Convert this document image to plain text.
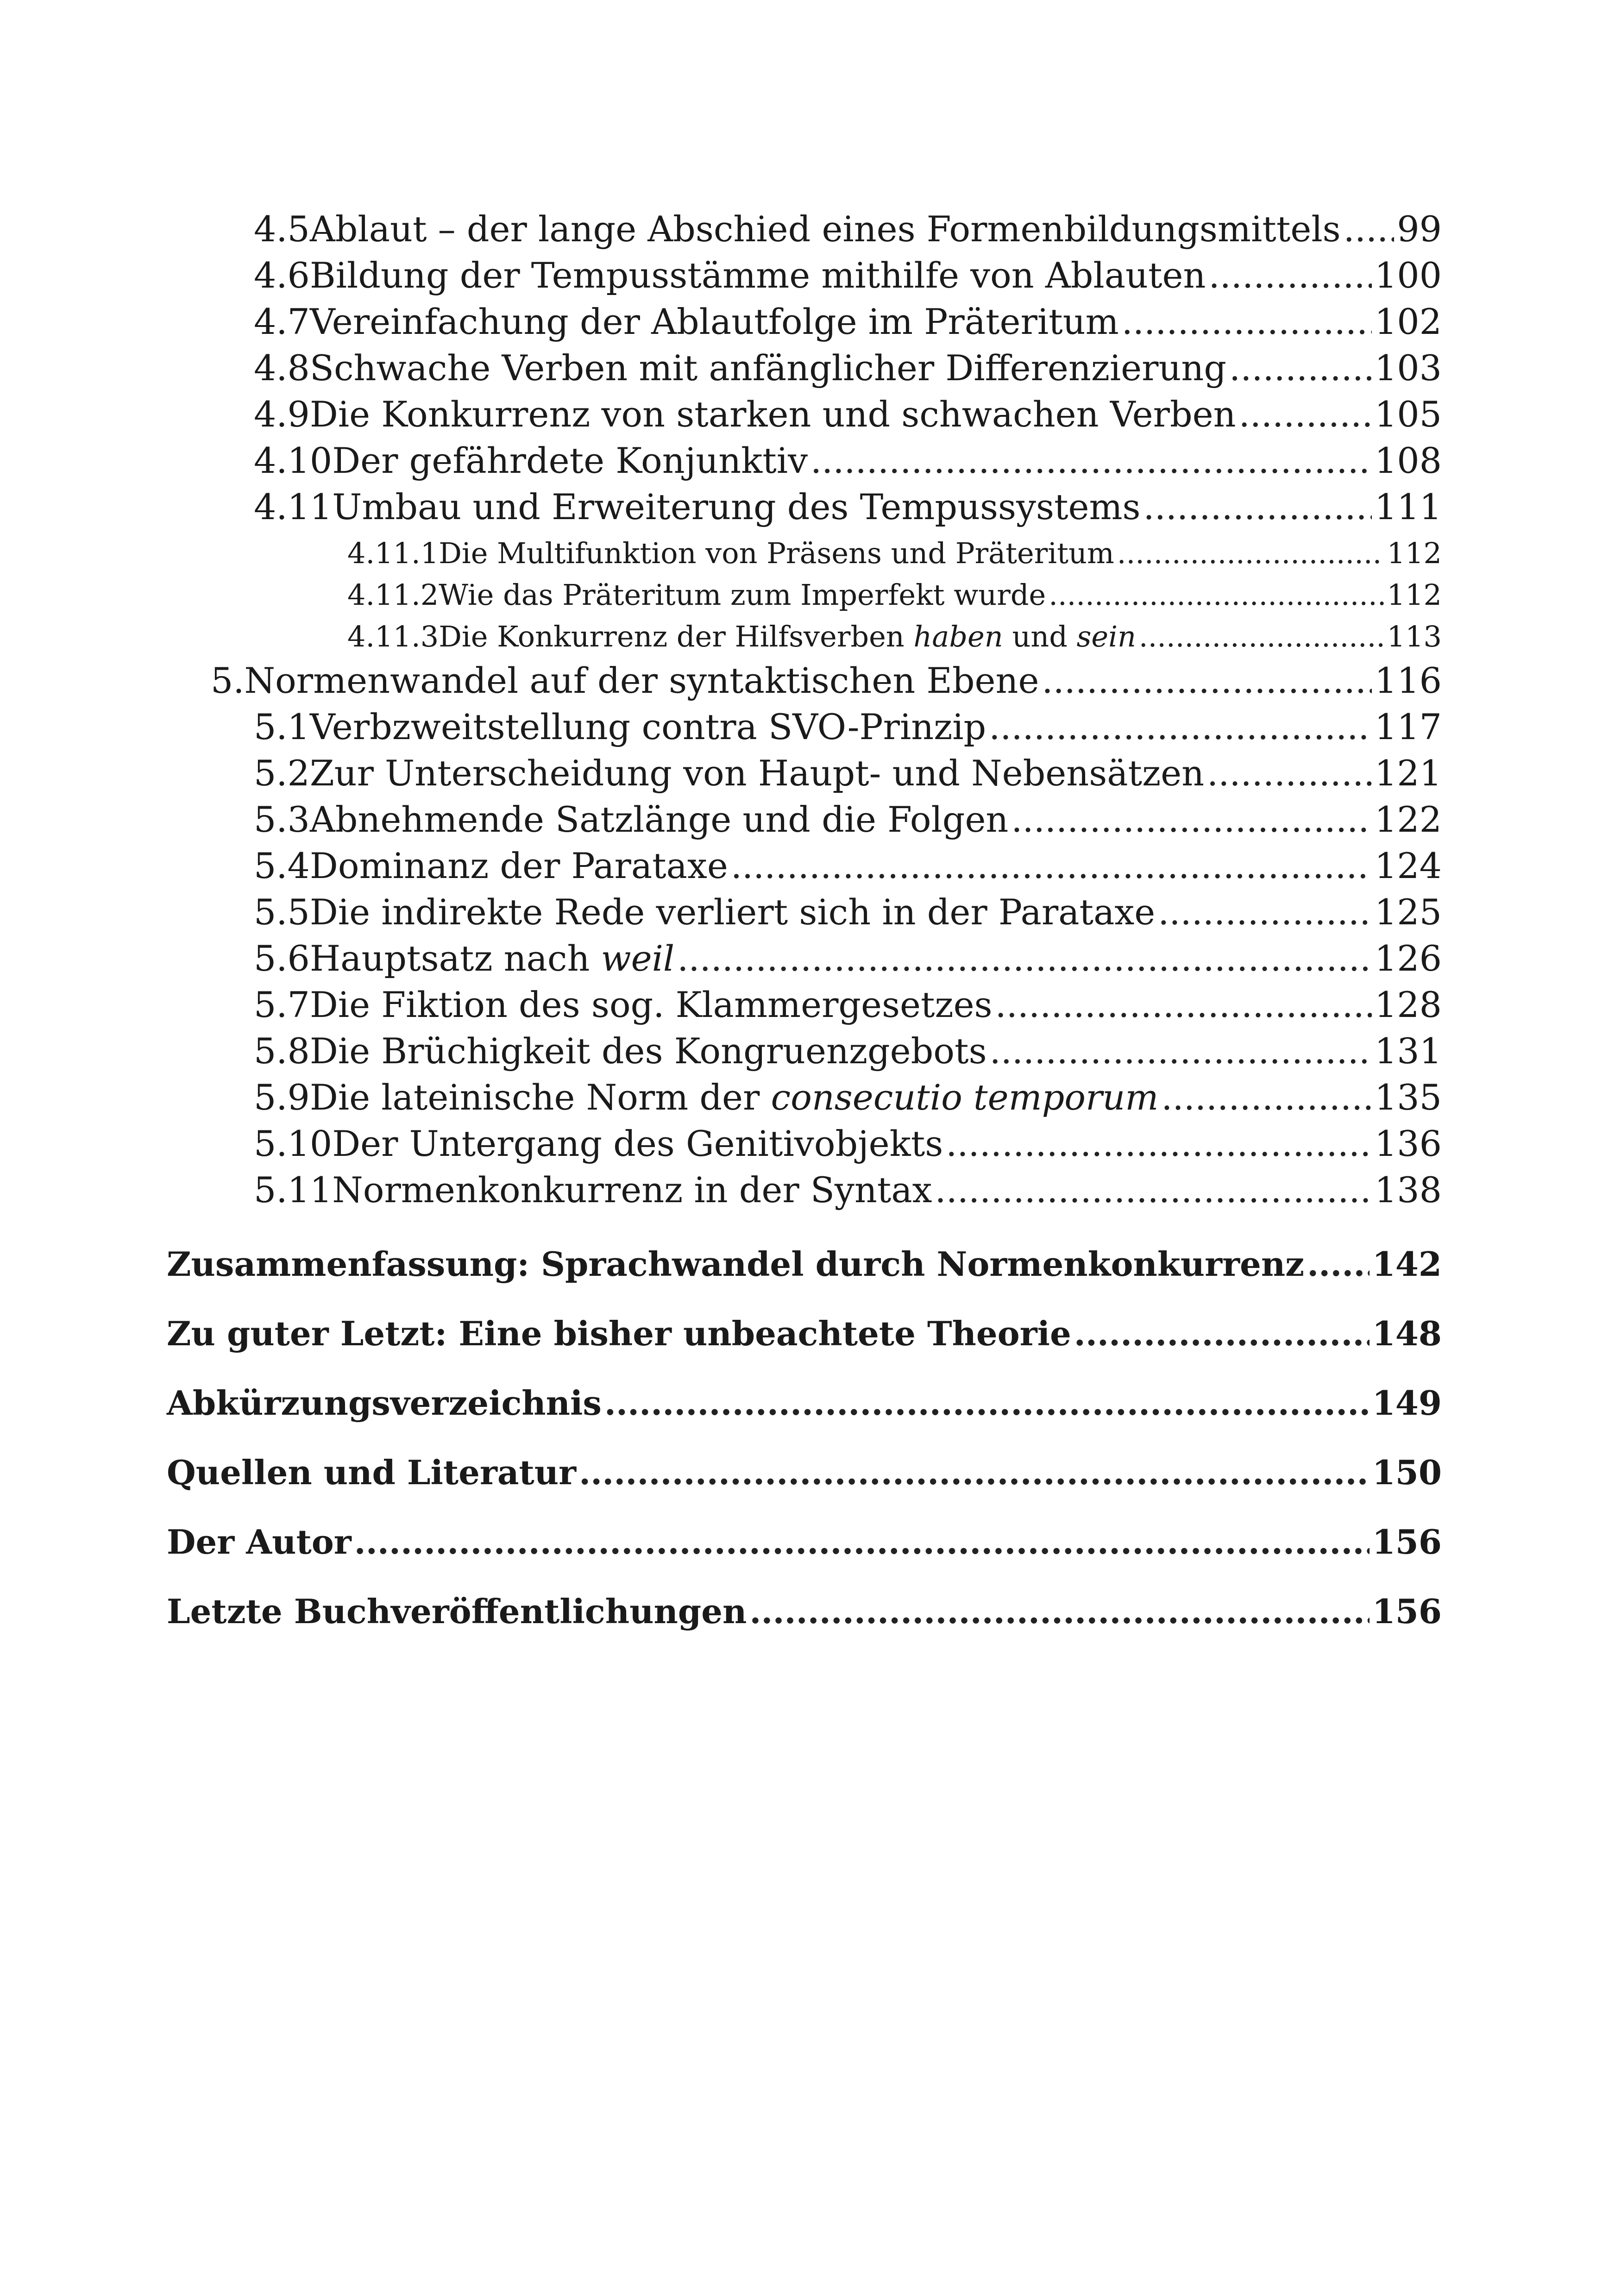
4.5 Ablaut – der lange Abschied eines Formenbildungsmittels ..... 99
4.6 Bildung der Tempusstämme mithilfe von Ablauten .....	100
4.7 Vereinfachung der Ablautfolge im Präteritum .....	102
4.8 Schwache Verben mit anfänglicher Differenzierung .....	103
4.9 Die Konkurrenz von starken und schwachen Verben .....	105
4.10 Der gefährdete Konjunktiv .....	108
4.11 Umbau und Erweiterung des Tempussystems .....	111
4.11.1 Die Multifunktion von Präsens und Präteritum .....	112
4.11.2 Wie das Präteritum zum Imperfekt wurde .....	112
4.11.3 Die Konkurrenz der Hilfsverben haben und sein .....	113
5. Normenwandel auf der syntaktischen Ebene .....	116
5.1 Verbzweitstellung contra SVO-Prinzip .....	117
5.2 Zur Unterscheidung von Haupt- und Nebensätzen .....	121
5.3 Abnehmende Satzlänge und die Folgen .....	122
5.4 Dominanz der Parataxe .....	124
5.5 Die indirekte Rede verliert sich in der Parataxe .....	125
5.6 Hauptsatz nach weil .....	126
5.7 Die Fiktion des sog. Klammergesetzes .....	128
5.8 Die Brüchigkeit des Kongruenzgebots .....	131
5.9 Die lateinische Norm der consecutio temporum .....	135
5.10 Der Untergang des Genitivobjekts .....	136
5.11 Normenkonkurrenz in der Syntax .....	138
Zusammenfassung: Sprachwandel durch Normenkonkurrenz ..... 142
Zu guter Letzt: Eine bisher unbeachtete Theorie .....	148
Abkürzungsverzeichnis .....	149
Quellen und Literatur .....	150
Der Autor .....	156
Letzte Buchveröffentlichungen .....	156
